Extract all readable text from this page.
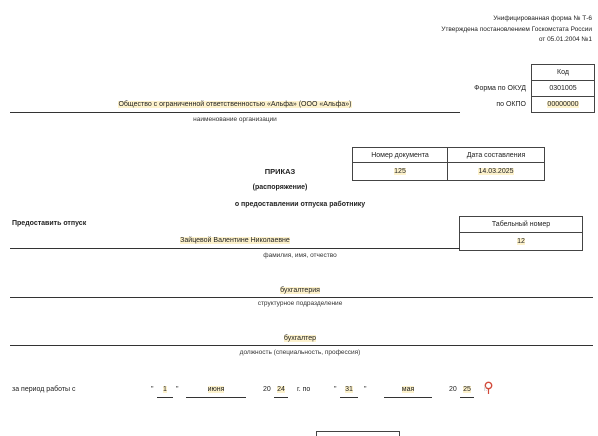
Унифицированная форма № Т-6
Утверждена постановлением Госкомстата России
от 05.01.2004 №1
Код
Форма по ОКУД	0301005
по ОКПО	00000000
Общество с ограниченной ответственностью «Альфа» (ООО «Альфа»)
наименование организации
Номер документа	Дата составления
125	14.03.2025
ПРИКАЗ
(распоряжение)
о предоставлении отпуска работнику
Предоставить отпуск	Табельный номер
12
Зайцевой Валентине Николаевне
фамилия, имя, отчество
бухгалтерия
структурное подразделение
бухгалтер
должность (специальность, профессия)
за период работы с	"	1	"	июня	20 24	г. по	"	31	"	мая	20 25	г.
